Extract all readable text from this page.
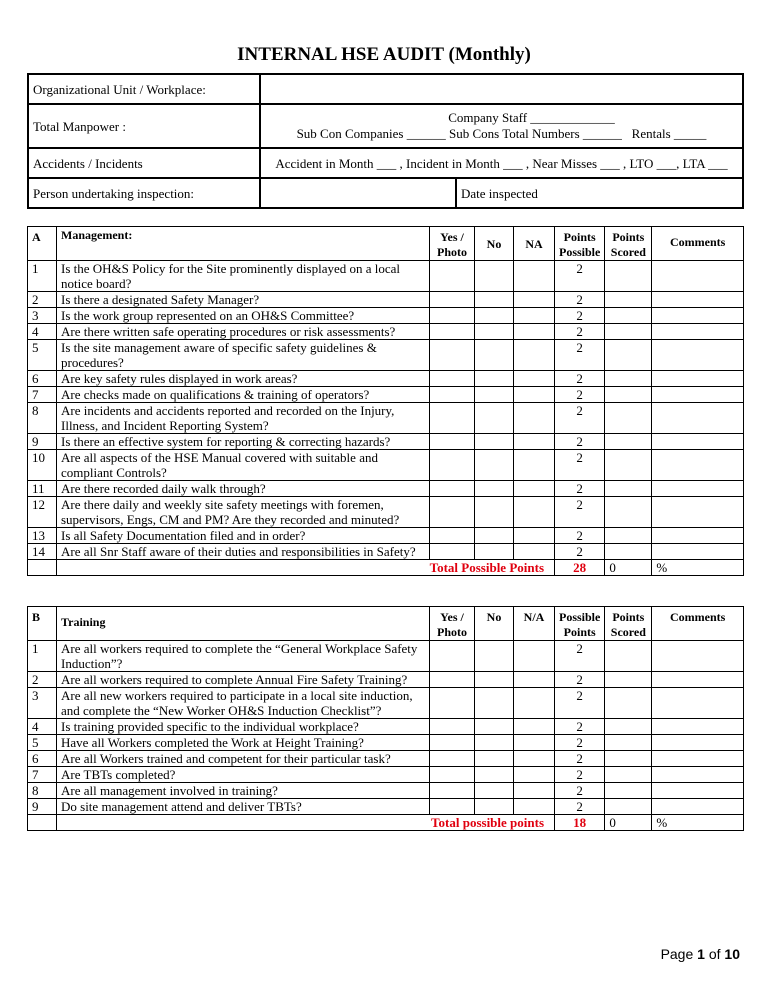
INTERNAL HSE AUDIT (Monthly)
Organizational Unit / Workplace:		
Total Manpower :	Company Staff _____________
Sub Con Companies ______ Sub Cons Total Numbers ______ Rentals _____	

Accidents / Incidents	Accident in Month ___ , Incident in Month ___ , Near Misses ___ , LTO ___, LTA ___	
Person undertaking inspection:		Date inspected
A	Management:	Yes / Photo	No	NA	Points Possible	Points Scored	Comments
1	Is the OH&S Policy for the Site prominently displayed on a local notice board?				2		
2	Is there a designated Safety Manager?				2		
3	Is the work group represented on an OH&S Committee?				2		
4	Are there written safe operating procedures or risk assessments?				2		
5	Is the site management aware of specific safety guidelines & procedures?				2		
6	Are key safety rules displayed in work areas?				2		
7	Are checks made on qualifications & training of operators?				2		
8	Are incidents and accidents reported and recorded on the Injury, Illness, and Incident Reporting System?				2		
9	Is there an effective system for reporting & correcting hazards?				2		
10	Are all aspects of the HSE Manual covered with suitable and compliant Controls?				2		
11	Are there recorded daily walk through?				2		
12	Are there daily and weekly site safety meetings with foremen, supervisors, Engs, CM and PM? Are they recorded and minuted?				2		
13	Is all Safety Documentation filed and in order?				2		
14	Are all Snr Staff aware of their duties and responsibilities in Safety?				2		
	Total Possible Points				28	0	%
B	Training	Yes / Photo	No	N/A	Possible Points	Points Scored	Comments
1	Are all workers required to complete the “General Workplace Safety Induction”?				2		
2	Are all workers required to complete Annual Fire Safety Training?				2		
3	Are all new workers required to participate in a local site induction, and complete the “New Worker OH&S Induction Checklist”?				2		
4	Is training provided specific to the individual workplace?				2		
5	Have all Workers completed the Work at Height Training?				2		
6	Are all Workers trained and competent for their particular task?				2		
7	Are TBTs completed?				2		
8	Are all management involved in training?				2		
9	Do site management attend and deliver TBTs?				2		
	Total possible points				18	0	%
Page 1 of 10
